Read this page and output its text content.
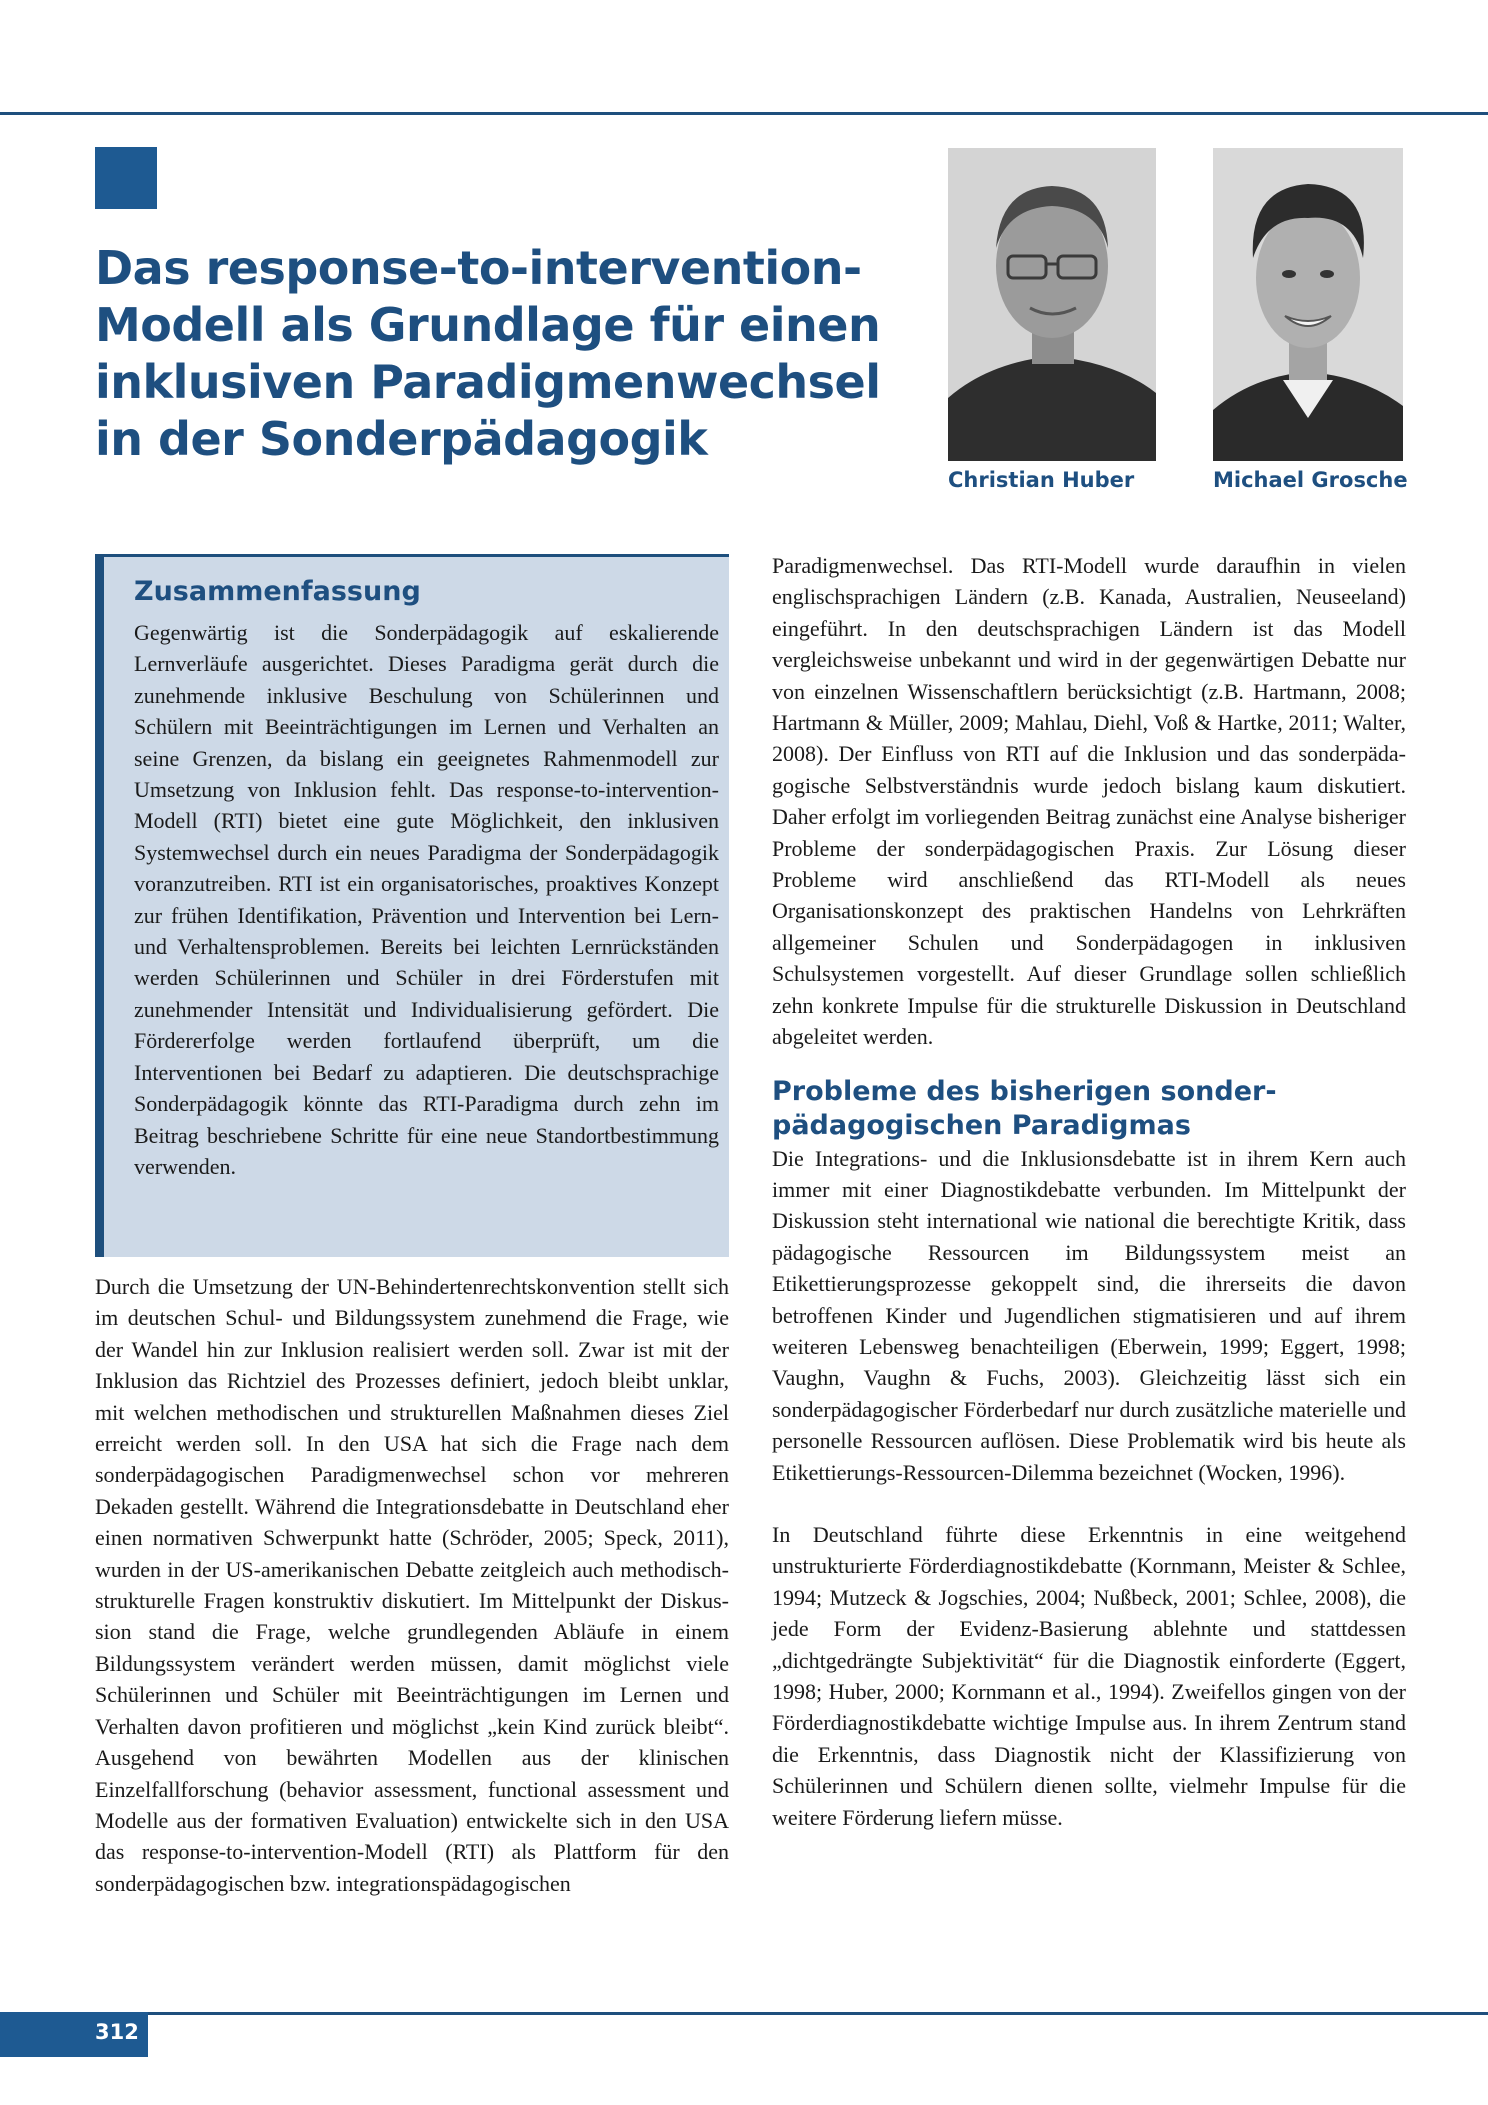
Das response-to-intervention-
Modell als Grundlage für einen
inklusiven Paradigmenwechsel
in der Sonderpädagogik
Christian Huber	Michael Grosche
Zusammenfassung

Gegenwärtig ist die Sonderpädagogik auf eskalierende Lernverläufe ausgerichtet. Dieses Paradigma gerät durch die zunehmende inklusive Beschulung von Schülerinnen und Schülern mit Beeinträchtigungen im Lernen und Verhalten an seine Grenzen, da bislang ein geeignetes Rahmenmodell zur Umsetzung von Inklusion fehlt. Das response-to-intervention-Modell (RTI) bietet eine gute Möglichkeit, den inklusiven Systemwechsel durch ein neues Paradigma der Sonderpädagogik voranzutreiben. RTI ist ein organisatorisches, proaktives Konzept zur frühen Identifikation, Prävention und Intervention bei Lern- und Verhaltensproblemen. Bereits bei leichten Lernrückständen werden Schülerinnen und Schüler in drei Förderstufen mit zunehmender Intensität und Individualisierung gefördert. Die Fördererfolge werden fortlaufend überprüft, um die Interventionen bei Bedarf zu adaptieren. Die deutschsprachige Sonderpädagogik könnte das RTI-Paradigma durch zehn im Beitrag beschriebene Schritte für eine neue Standortbestimmung verwenden.

Durch die Umsetzung der UN-Behindertenrechtskonvention stellt sich im deutschen Schul- und Bildungssystem zunehmend die Frage, wie der Wandel hin zur Inklusion realisiert werden soll. Zwar ist mit der Inklusion das Richtziel des Prozesses definiert, jedoch bleibt unklar, mit welchen methodischen und strukturellen Maßnahmen dieses Ziel erreicht werden soll. In den USA hat sich die Frage nach dem sonderpädagogischen Paradigmenwechsel schon vor mehreren Dekaden gestellt. Während die Integrationsdebatte in Deutschland eher einen normativen Schwerpunkt hatte (Schröder, 2005; Speck, 2011), wurden in der US-amerikanischen Debatte zeitgleich auch methodisch-strukturelle Fragen konstruktiv diskutiert. Im Mittelpunkt der Diskussion stand die Frage, welche grundlegenden Abläufe in einem Bildungssystem verändert werden müssen, damit möglichst viele Schülerinnen und Schüler mit Beeinträchtigungen im Lernen und Verhalten davon profitieren und möglichst „kein Kind zurück bleibt“. Ausgehend von bewährten Modellen aus der klinischen Einzelfallforschung (behavior assessment, functional assessment und Modelle aus der formativen Evaluation) entwickelte sich in den USA das response-to-intervention-Modell (RTI) als Plattform für den sonderpädagogischen bzw. integrationspädagogischen

Paradigmenwechsel. Das RTI-Modell wurde daraufhin in vielen englischsprachigen Ländern (z.B. Kanada, Australien, Neuseeland) eingeführt. In den deutschsprachigen Ländern ist das Modell vergleichsweise unbekannt und wird in der gegenwärtigen Debatte nur von einzelnen Wissenschaftlern berücksichtigt (z.B. Hartmann, 2008; Hartmann & Müller, 2009; Mahlau, Diehl, Voß & Hartke, 2011; Walter, 2008). Der Einfluss von RTI auf die Inklusion und das sonderpädagogische Selbstverständnis wurde jedoch bislang kaum diskutiert. Daher erfolgt im vorliegenden Beitrag zunächst eine Analyse bisheriger Probleme der sonderpädagogischen Praxis. Zur Lösung dieser Probleme wird anschließend das RTI-Modell als neues Organisationskonzept des praktischen Handelns von Lehrkräften allgemeiner Schulen und Sonderpädagogen in inklusiven Schulsystemen vorgestellt. Auf dieser Grundlage sollen schließlich zehn konkrete Impulse für die strukturelle Diskussion in Deutschland abgeleitet werden.

Probleme des bisherigen sonder-
pädagogischen Paradigmas

Die Integrations- und die Inklusionsdebatte ist in ihrem Kern auch immer mit einer Diagnostikdebatte verbunden. Im Mittelpunkt der Diskussion steht international wie national die berechtigte Kritik, dass pädagogische Ressourcen im Bildungssystem meist an Etikettierungsprozesse gekoppelt sind, die ihrerseits die davon betroffenen Kinder und Jugendlichen stigmatisieren und auf ihrem weiteren Lebensweg benachteiligen (Eberwein, 1999; Eggert, 1998; Vaughn, Vaughn & Fuchs, 2003). Gleichzeitig lässt sich ein sonderpädagogischer Förderbedarf nur durch zusätzliche materielle und personelle Ressourcen auflösen. Diese Problematik wird bis heute als Etikettierungs-Ressourcen-Dilemma bezeichnet (Wocken, 1996).

In Deutschland führte diese Erkenntnis in eine weitgehend unstrukturierte Förderdiagnostikdebatte (Kornmann, Meister & Schlee, 1994; Mutzeck & Jogschies, 2004; Nußbeck, 2001; Schlee, 2008), die jede Form der Evidenz-Basierung ablehnte und stattdessen „dichtgedrängte Subjektivität“ für die Diagnostik einforderte (Eggert, 1998; Huber, 2000; Kornmann et al., 1994). Zweifellos gingen von der Förderdiagnostikdebatte wichtige Impulse aus. In ihrem Zentrum stand die Erkenntnis, dass Diagnostik nicht der Klassifizierung von Schülerinnen und Schülern dienen sollte, vielmehr Impulse für die weitere Förderung liefern müsse.

312
